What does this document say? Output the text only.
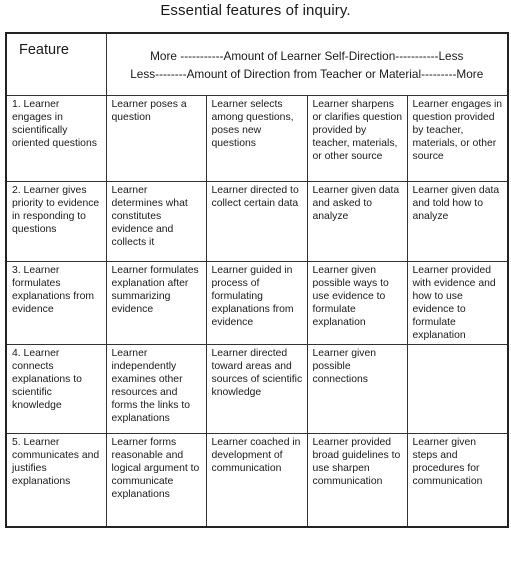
Essential features of inquiry.
Feature	More -----------Amount of Learner Self-Direction-----------Less
Less--------Amount of Direction from Teacher or Material---------More			

1. Learner engages in scientifically oriented questions	Learner poses a question	Learner selects among questions, poses new questions	Learner sharpens or clarifies question provided by teacher, materials, or other source	Learner engages in question provided by teacher, materials, or other source
2. Learner gives priority to evidence in responding to questions	Learner determines what constitutes evidence and collects it	Learner directed to collect certain data	Learner given data and asked to analyze	Learner given data and told how to analyze
3. Learner formulates explanations from evidence	Learner formulates explanation after summarizing evidence	Learner guided in process of formulating explanations from evidence	Learner given possible ways to use evidence to formulate explanation	Learner provided with evidence and how to use evidence to formulate explanation
4. Learner connects explanations to scientific knowledge	Learner independently examines other resources and forms the links to explanations	Learner directed toward areas and sources of scientific knowledge	Learner given possible connections	
5. Learner communicates and justifies explanations	Learner forms reasonable and logical argument to communicate explanations	Learner coached in development of communication	Learner provided broad guidelines to use sharpen communication	Learner given steps and procedures for communication
